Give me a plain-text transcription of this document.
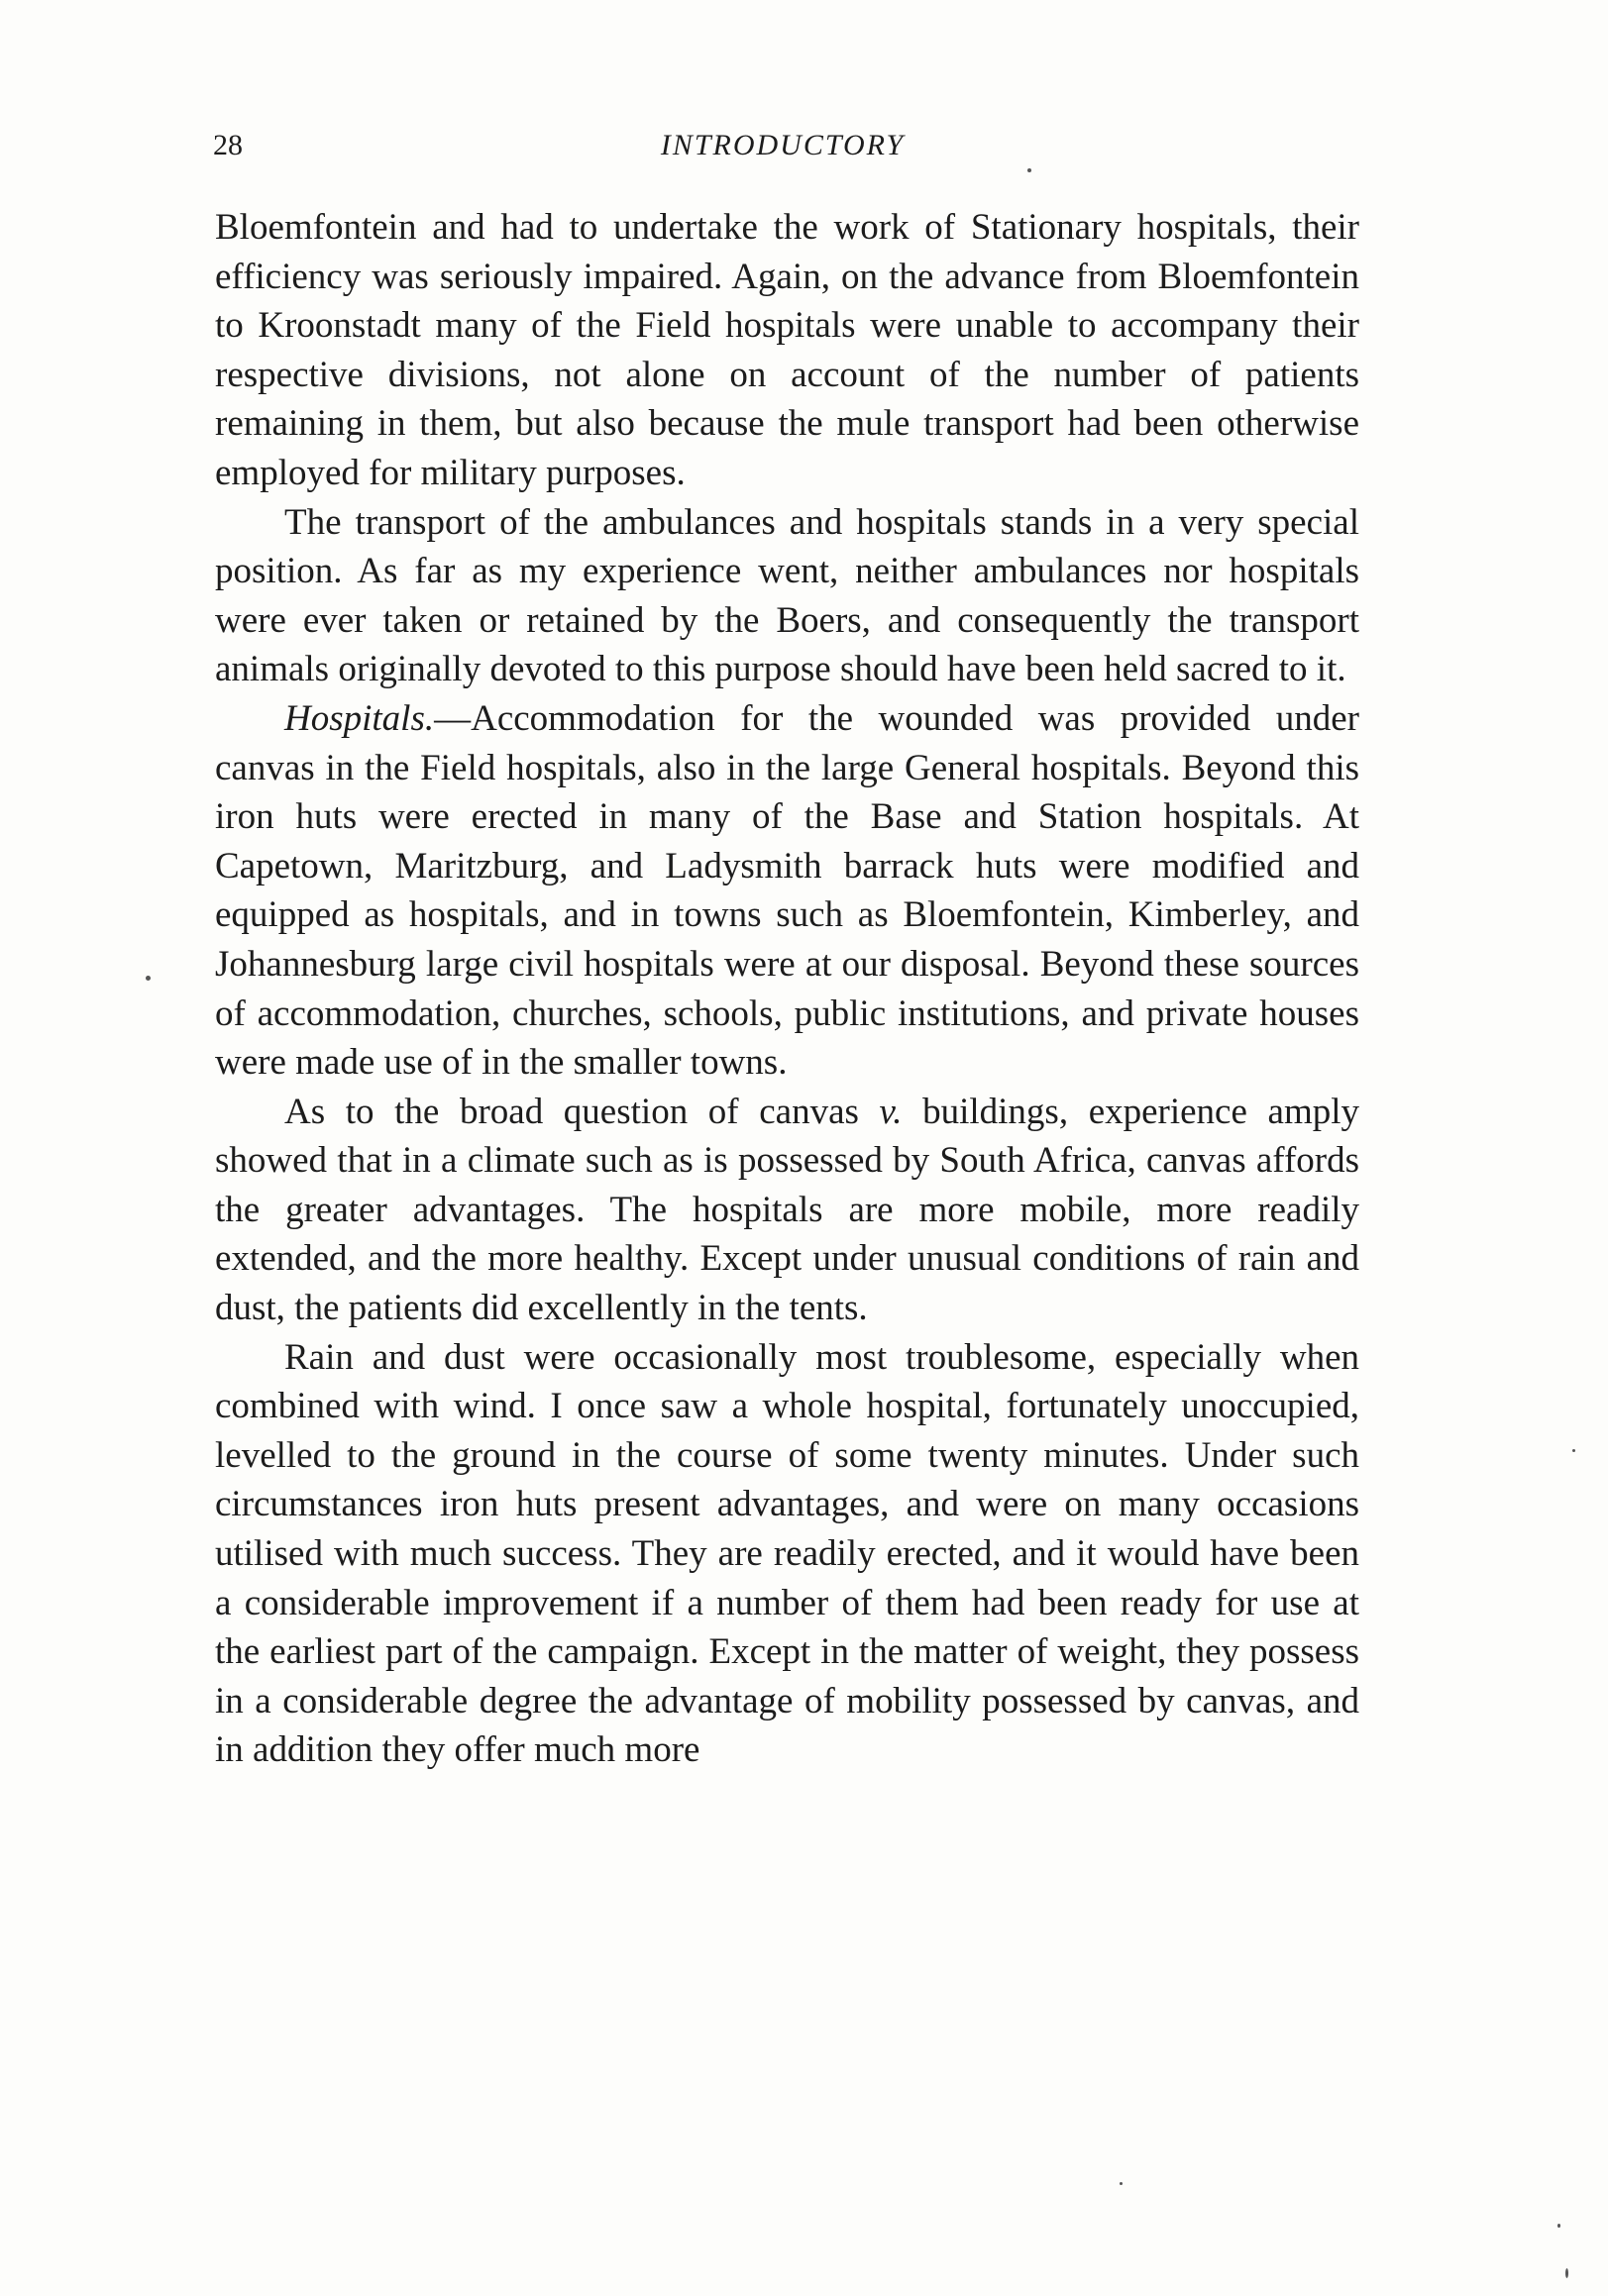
28	INTRODUCTORY

Bloemfontein and had to undertake the work of Stationary hospitals, their efficiency was seriously impaired. Again, on the advance from Bloemfontein to Kroonstadt many of the Field hospitals were unable to accompany their respective divisions, not alone on account of the number of patients remaining in them, but also because the mule transport had been otherwise employed for military purposes.

The transport of the ambulances and hospitals stands in a very special position. As far as my experience went, neither ambulances nor hospitals were ever taken or retained by the Boers, and consequently the transport animals originally devoted to this purpose should have been held sacred to it.

Hospitals.—Accommodation for the wounded was provided under canvas in the Field hospitals, also in the large General hospitals. Beyond this iron huts were erected in many of the Base and Station hospitals. At Capetown, Maritzburg, and Ladysmith barrack huts were modified and equipped as hospitals, and in towns such as Bloemfontein, Kimberley, and Johannesburg large civil hospitals were at our disposal. Beyond these sources of accommodation, churches, schools, public institutions, and private houses were made use of in the smaller towns.

As to the broad question of canvas v. buildings, experience amply showed that in a climate such as is possessed by South Africa, canvas affords the greater advantages. The hospitals are more mobile, more readily extended, and the more healthy. Except under unusual conditions of rain and dust, the patients did excellently in the tents.

Rain and dust were occasionally most troublesome, especially when combined with wind. I once saw a whole hospital, fortunately unoccupied, levelled to the ground in the course of some twenty minutes. Under such circumstances iron huts present advantages, and were on many occasions utilised with much success. They are readily erected, and it would have been a considerable improvement if a number of them had been ready for use at the earliest part of the campaign. Except in the matter of weight, they possess in a considerable degree the advantage of mobility possessed by canvas, and in addition they offer much more
